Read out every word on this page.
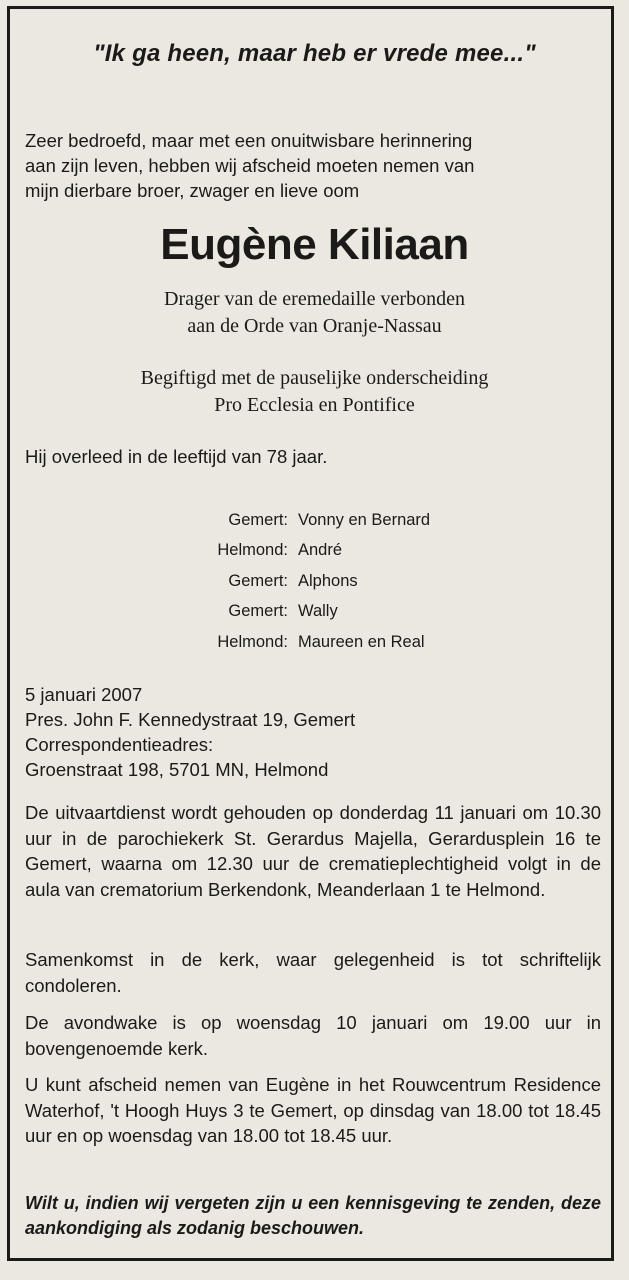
"Ik ga heen, maar heb er vrede mee..."
Zeer bedroefd, maar met een onuitwisbare herinnering
aan zijn leven, hebben wij afscheid moeten nemen van
mijn dierbare broer, zwager en lieve oom
Eugène Kiliaan
Drager van de eremedaille verbonden
aan de Orde van Oranje-Nassau
Begiftigd met de pauselijke onderscheiding
Pro Ecclesia en Pontifice
Hij overleed in de leeftijd van 78 jaar.
Gemert: Vonny en Bernard
Helmond: André
Gemert: Alphons
Gemert: Wally
Helmond: Maureen en Real
5 januari 2007
Pres. John F. Kennedystraat 19, Gemert
Correspondentieadres:
Groenstraat 198, 5701 MN, Helmond
De uitvaartdienst wordt gehouden op donderdag 11 januari om 10.30 uur in de parochiekerk St. Gerardus Majella, Gerardusplein 16 te Gemert, waarna om 12.30 uur de crematieplechtigheid volgt in de aula van crematorium Berkendonk, Meanderlaan 1 te Helmond.
Samenkomst in de kerk, waar gelegenheid is tot schriftelijk condoleren.
De avondwake is op woensdag 10 januari om 19.00 uur in bovengenoemde kerk.
U kunt afscheid nemen van Eugène in het Rouwcentrum Residence Waterhof, 't Hoogh Huys 3 te Gemert, op dinsdag van 18.00 tot 18.45 uur en op woensdag van 18.00 tot 18.45 uur.
Wilt u, indien wij vergeten zijn u een kennisgeving te zenden, deze aankondiging als zodanig beschouwen.
